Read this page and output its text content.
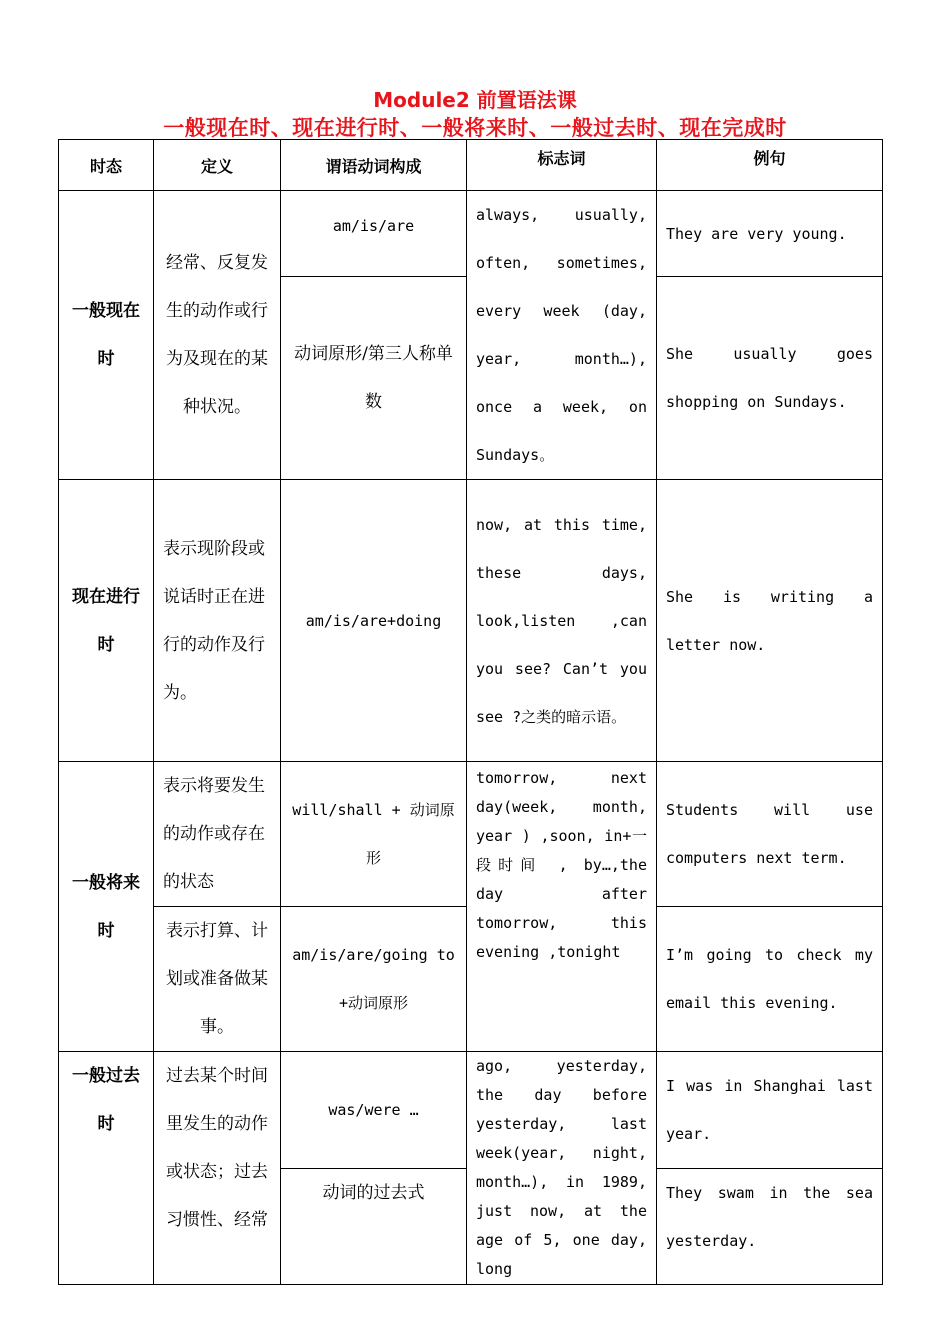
Module2 前置语法课
一般现在时、现在进行时、一般将来时、一般过去时、现在完成时
时态	定义	谓语动词构成	标志词	例句
一般现在时	经常、反复发生的动作或行为及现在的某种状况。	am/is/are	always, usually, often, sometimes, every week (day, year, month…), once a week, on Sundays。	They are very young.
		动词原形/第三人称单数		She usually goes shopping on Sundays.
现在进行时	表示现阶段或说话时正在进行的动作及行为。	am/is/are+doing	now, at this time, these days, look,listen ,can you see? Can’t you see ?之类的暗示语。	She is writing a letter now.
一般将来时	表示将要发生的动作或存在的状态	will/shall + 动词原形	tomorrow, next day(week, month, year ) ,soon, in+一段时间 , by…,the day after tomorrow, this evening ,tonight	Students will use computers next term.
	表示打算、计划或准备做某事。	am/is/are/going to +动词原形		I’m going to check my email this evening.
一般过去时	过去某个时间里发生的动作或状态；过去习惯性、经常	was/were …	ago, yesterday, the day before yesterday, last week(year, night, month…), in 1989, just now, at the age of 5, one day, long	I was in Shanghai last year.
		动词的过去式		They swam in the sea yesterday.
